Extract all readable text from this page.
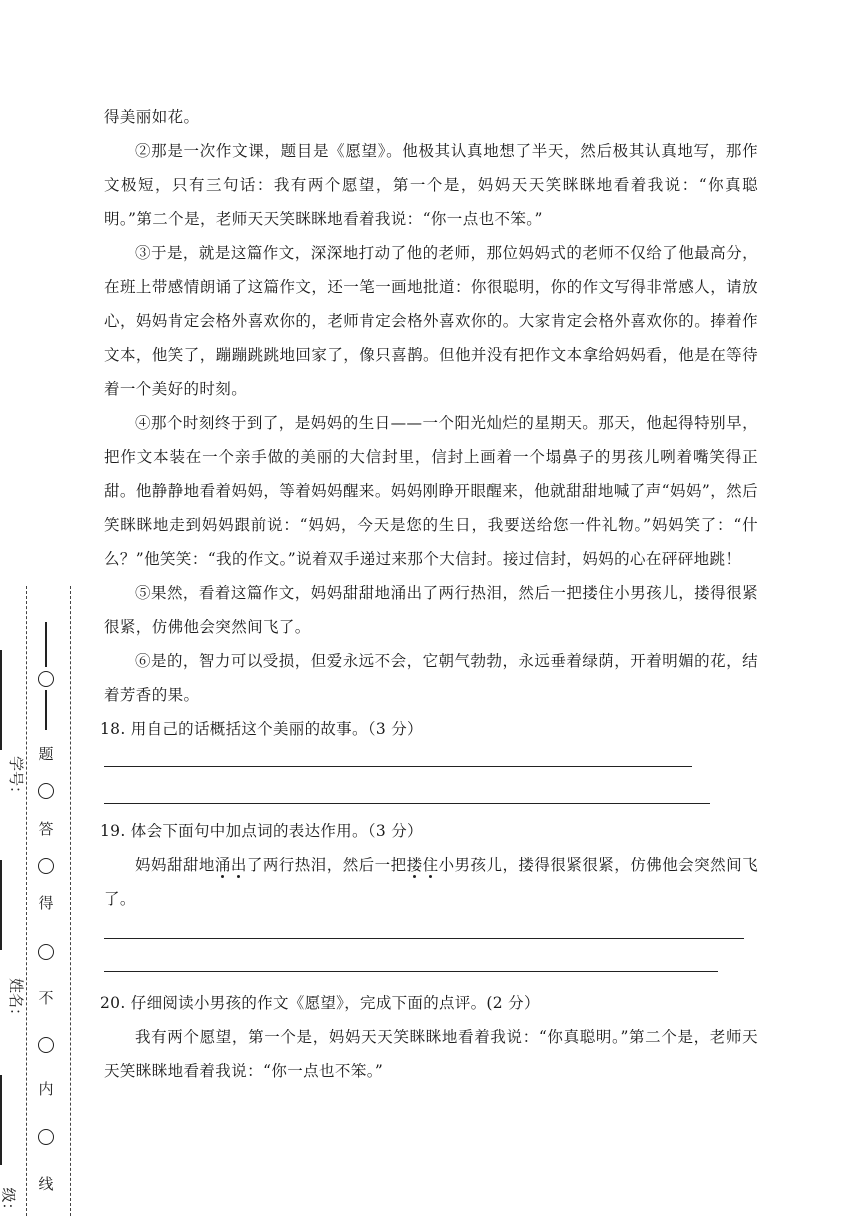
题
答
得
不
内
线
学号：
姓名：
级：

得美丽如花。

②那是一次作文课，题目是《愿望》。他极其认真地想了半天，然后极其认真地写，那作文极短，只有三句话：我有两个愿望，第一个是，妈妈天天笑眯眯地看着我说：“你真聪明。”第二个是，老师天天笑眯眯地看着我说：“你一点也不笨。”

③于是，就是这篇作文，深深地打动了他的老师，那位妈妈式的老师不仅给了他最高分，在班上带感情朗诵了这篇作文，还一笔一画地批道：你很聪明，你的作文写得非常感人，请放心，妈妈肯定会格外喜欢你的，老师肯定会格外喜欢你的。大家肯定会格外喜欢你的。捧着作文本，他笑了，蹦蹦跳跳地回家了，像只喜鹊。但他并没有把作文本拿给妈妈看，他是在等待着一个美好的时刻。

④那个时刻终于到了，是妈妈的生日——一个阳光灿烂的星期天。那天，他起得特别早，把作文本装在一个亲手做的美丽的大信封里，信封上画着一个塌鼻子的男孩儿咧着嘴笑得正甜。他静静地看着妈妈，等着妈妈醒来。妈妈刚睁开眼醒来，他就甜甜地喊了声“妈妈”，然后笑眯眯地走到妈妈跟前说：“妈妈，今天是您的生日，我要送给您一件礼物。”妈妈笑了：“什么？”他笑笑：“我的作文。”说着双手递过来那个大信封。接过信封，妈妈的心在砰砰地跳！

⑤果然，看着这篇作文，妈妈甜甜地涌出了两行热泪，然后一把搂住小男孩儿，搂得很紧很紧，仿佛他会突然间飞了。

⑥是的，智力可以受损，但爱永远不会，它朝气勃勃，永远垂着绿荫，开着明媚的花，结着芳香的果。

18. 用自己的话概括这个美丽的故事。（3 分）

19. 体会下面句中加点词的表达作用。（3 分）

妈妈甜甜地涌出了两行热泪，然后一把搂住小男孩儿，搂得很紧很紧，仿佛他会突然间飞了。

20. 仔细阅读小男孩的作文《愿望》，完成下面的点评。(2 分）

我有两个愿望，第一个是，妈妈天天笑眯眯地看着我说：“你真聪明。”第二个是，老师天天笑眯眯地看着我说：“你一点也不笨。”
